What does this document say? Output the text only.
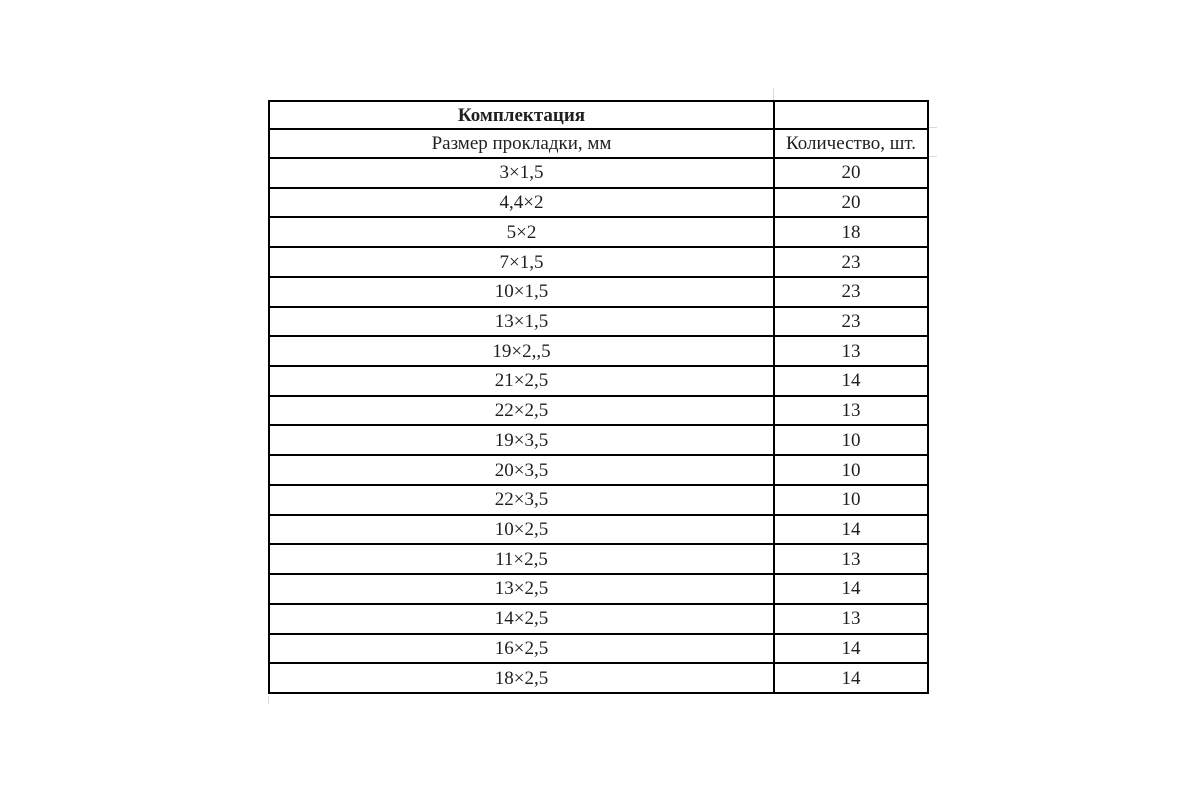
Комплектация	
Размер прокладки, мм	Количество, шт.
3×1,5	20
4,4×2	20
5×2	18
7×1,5	23
10×1,5	23
13×1,5	23
19×2,,5	13
21×2,5	14
22×2,5	13
19×3,5	10
20×3,5	10
22×3,5	10
10×2,5	14
11×2,5	13
13×2,5	14
14×2,5	13
16×2,5	14
18×2,5	14
